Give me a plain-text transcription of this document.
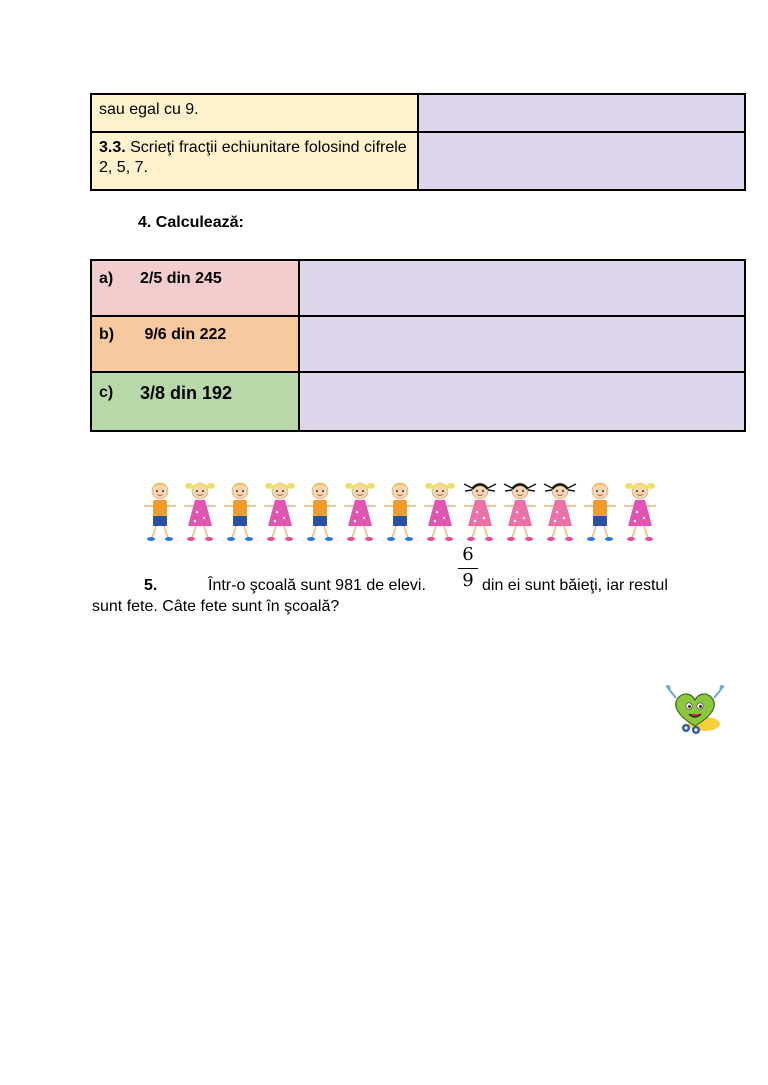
sau egal cu 9.	
3.3. Scrieţi fracţii echiunitare folosind cifrele 2, 5, 7.	
4. Calculează:
a) 2/5 din 245	

b) 9/6 din 222	

c) 3/8 din 192	

5.	Într-o şcoală sunt 981 de elevi.
6
9 din ei sunt băieţi, iar restul
sunt fete. Câte fete sunt în şcoală?
